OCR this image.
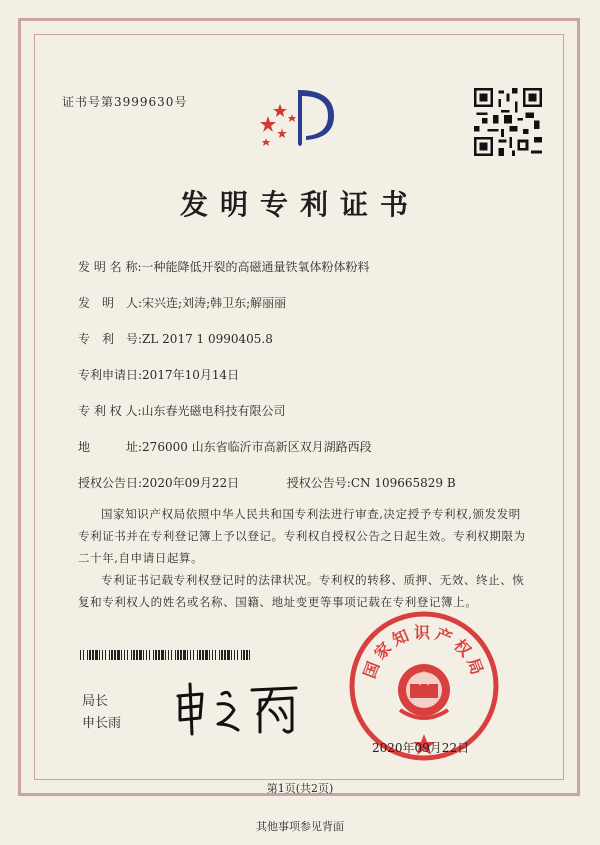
证书号第3999630号
发明专利证书
发 明 名 称:一种能降低开裂的高磁通量铁氧体粉体粉料
发　明　人:宋兴连;刘涛;韩卫东;解丽丽
专　利　号:ZL 2017 1 0990405.8
专利申请日:2017年10月14日
专 利 权 人:山东春光磁电科技有限公司
地　　　址:276000 山东省临沂市高新区双月湖路西段
授权公告日:2020年09月22日	授权公告号:CN 109665829 B
国家知识产权局依照中华人民共和国专利法进行审查,决定授予专利权,颁发发明专利证书并在专利登记簿上予以登记。专利权自授权公告之日起生效。专利权期限为二十年,自申请日起算。
专利证书记载专利权登记时的法律状况。专利权的转移、质押、无效、终止、恢复和专利权人的姓名或名称、国籍、地址变更等事项记载在专利登记簿上。
局长
申长雨
国家知识产权局
2020年09月22日
第1页(共2页)
其他事项参见背面
